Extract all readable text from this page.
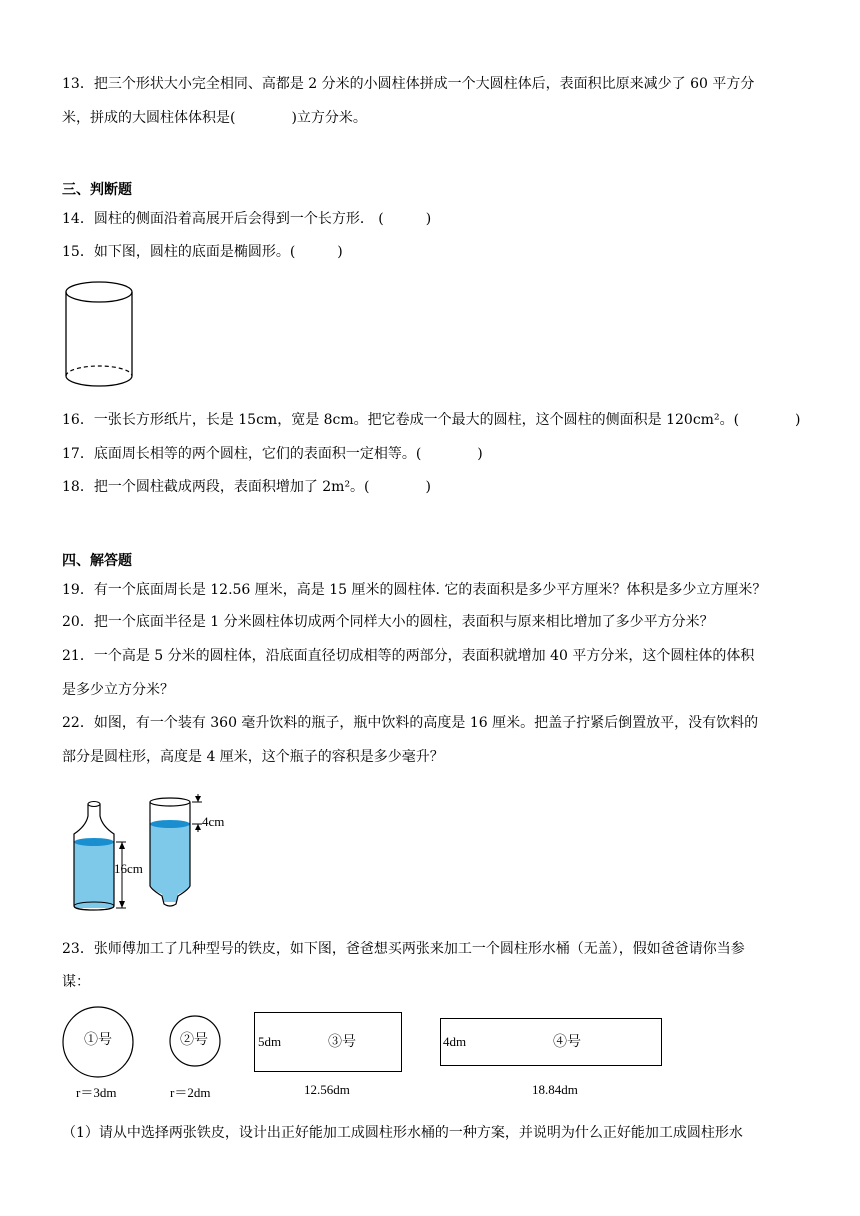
13．把三个形状大小完全相同、高都是 2 分米的小圆柱体拼成一个大圆柱体后，表面积比原来减少了 60 平方分
米，拼成的大圆柱体体积是(　　　　)立方分米。
三、判断题
14．圆柱的侧面沿着高展开后会得到一个长方形． (　　　)
15．如下图，圆柱的底面是椭圆形。(　　　)
16．一张长方形纸片，长是 15cm，宽是 8cm。把它卷成一个最大的圆柱，这个圆柱的侧面积是 120cm²。(　　　　)
17．底面周长相等的两个圆柱，它们的表面积一定相等。(　　　　)
18．把一个圆柱截成两段，表面积增加了 2m²。(　　　　)
四、解答题
19．有一个底面周长是 12.56 厘米，高是 15 厘米的圆柱体. 它的表面积是多少平方厘米？体积是多少立方厘米？
20．把一个底面半径是 1 分米圆柱体切成两个同样大小的圆柱，表面积与原来相比增加了多少平方分米？
21．一个高是 5 分米的圆柱体，沿底面直径切成相等的两部分，表面积就增加 40 平方分米，这个圆柱体的体积
是多少立方分米？
22．如图，有一个装有 360 毫升饮料的瓶子，瓶中饮料的高度是 16 厘米。把盖子拧紧后倒置放平，没有饮料的
部分是圆柱形，高度是 4 厘米，这个瓶子的容积是多少毫升？
4cm
16cm
23．张师傅加工了几种型号的铁皮，如下图，爸爸想买两张来加工一个圆柱形水桶（无盖），假如爸爸请你当参
谋：
①号
r＝3dm
②号
r＝2dm
5dm	③号
12.56dm
4dm	④号
18.84dm
（1）请从中选择两张铁皮，设计出正好能加工成圆柱形水桶的一种方案，并说明为什么正好能加工成圆柱形水
